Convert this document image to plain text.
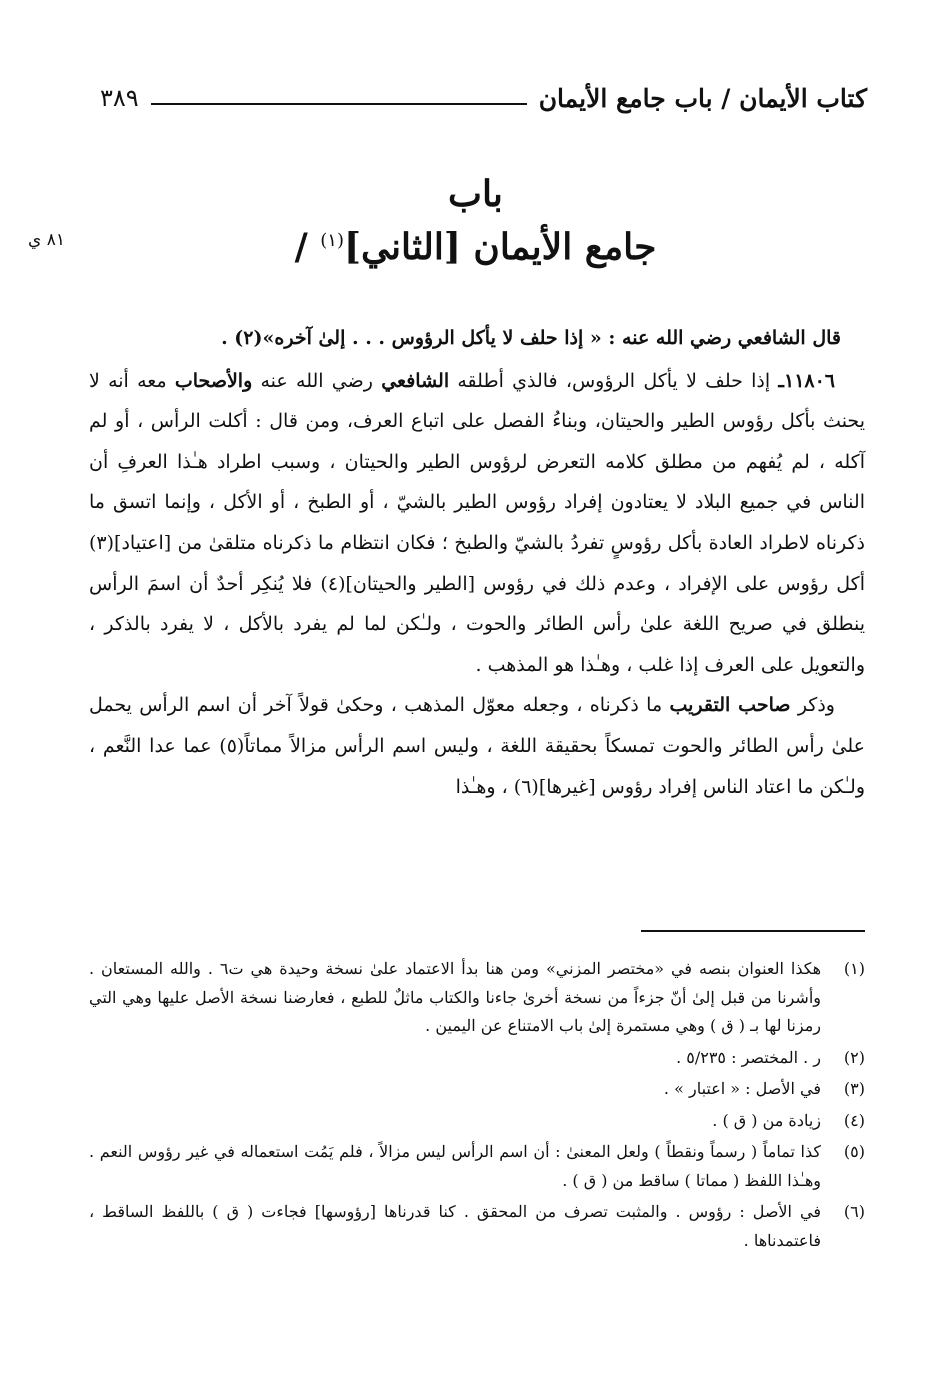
كتاب الأيمان / باب جامع الأيمان
٣٨٩
باب
جامع الأيمان [الثاني]$^{(١)}$ /
٨١ ي

قال الشافعي رضي الله عنه : « إذا حلف لا يأكل الرؤوس . . . إلىٰ آخره»(٢) .

١١٨٠٦ـ إذا حلف لا يأكل الرؤوس، فالذي أطلقه الشافعي رضي الله عنه والأصحاب معه أنه لا يحنث بأكل رؤوس الطير والحيتان، وبناءُ الفصل على اتباع العرف، ومن قال : أكلت الرأس ، أو لم آكله ، لم يُفهم من مطلق كلامه التعرض لرؤوس الطير والحيتان ، وسبب اطراد هـٰذا العرفِ أن الناس في جميع البلاد لا يعتادون إفراد رؤوس الطير بالشيّ ، أو الطبخ ، أو الأكل ، وإنما اتسق ما ذكرناه لاطراد العادة بأكل رؤوسٍ تفردُ بالشيّ والطبخ ؛ فكان انتظام ما ذكرناه متلقىٰ من [اعتياد](٣) أكل رؤوس على الإفراد ، وعدم ذلك في رؤوس [الطير والحيتان](٤) فلا يُنكِر أحدٌ أن اسمَ الرأس ينطلق في صريح اللغة علىٰ رأس الطائر والحوت ، ولـٰكن لما لم يفرد بالأكل ، لا يفرد بالذكر ، والتعويل على العرف إذا غلب ، وهـٰذا هو المذهب .

وذكر صاحب التقريب ما ذكرناه ، وجعله معوّل المذهب ، وحكىٰ قولاً آخر أن اسم الرأس يحمل علىٰ رأس الطائر والحوت تمسكاً بحقيقة اللغة ، وليس اسم الرأس مزالاً مماتاً(٥) عما عدا النَّعم ، ولـٰكن ما اعتاد الناس إفراد رؤوس [غيرها](٦) ، وهـٰذا

(١)
هكذا العنوان بنصه في «مختصر المزني» ومن هنا بدأ الاعتماد علىٰ نسخة وحيدة هي ت٦ . والله المستعان . وأشرنا من قبل إلىٰ أنّ جزءاً من نسخة أخرىٰ جاءنا والكتاب ماثلٌ للطبع ، فعارضنا نسخة الأصل عليها وهي التي رمزنا لها بـ ( ق ) وهي مستمرة إلىٰ باب الامتناع عن اليمين .
(٢)
ر . المختصر : ٥/٢٣٥ .
(٣)
في الأصل : « اعتبار » .
(٤)
زيادة من ( ق ) .
(٥)
كذا تماماً ( رسماً ونقطاً ) ولعل المعنىٰ : أن اسم الرأس ليس مزالاً ، فلم يَمُت استعماله في غير رؤوس النعم . وهـٰذا اللفظ ( مماتا ) ساقط من ( ق ) .
(٦)
في الأصل : رؤوس . والمثبت تصرف من المحقق . كنا قدرناها [رؤوسها] فجاءت ( ق ) باللفظ الساقط ، فاعتمدناها .
